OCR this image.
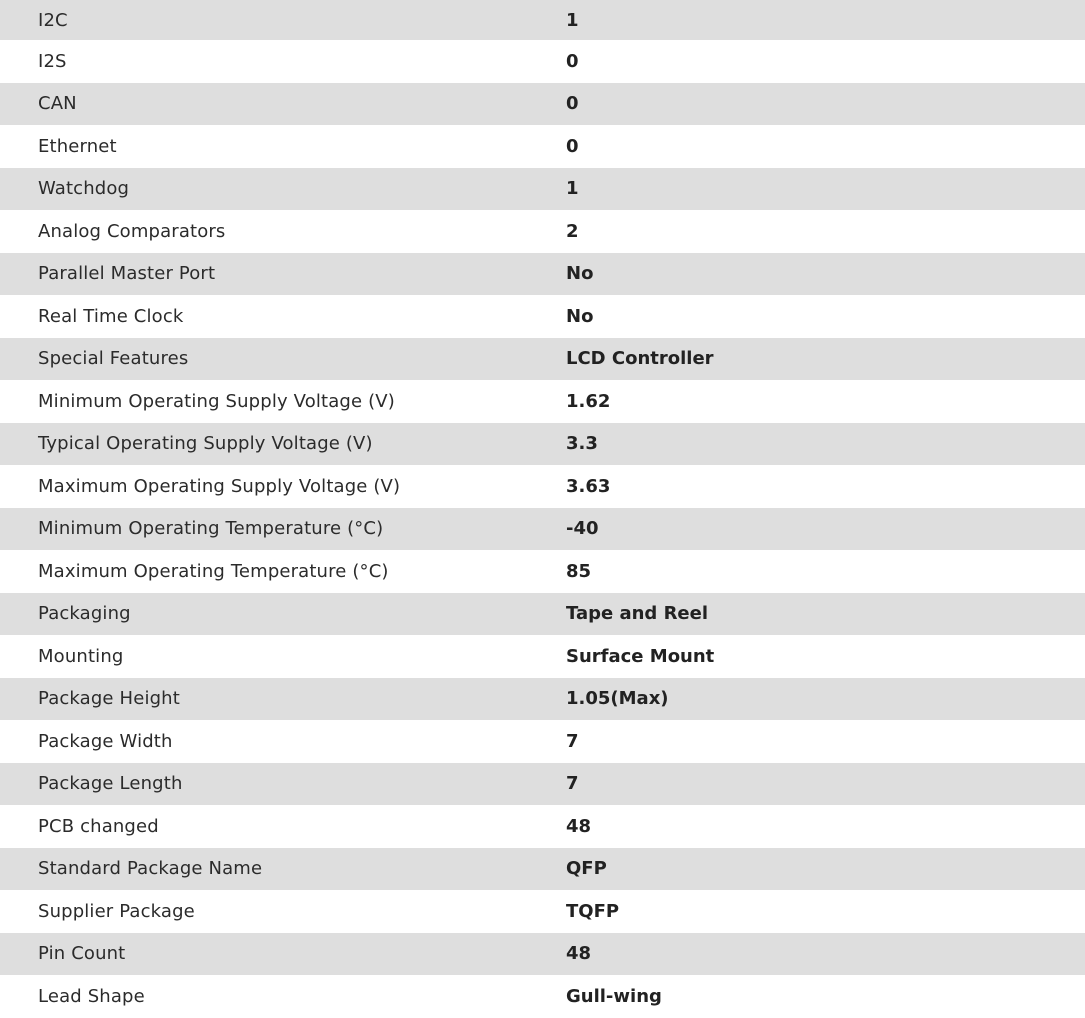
I2C	1
I2S	0
CAN	0
Ethernet	0
Watchdog	1
Analog Comparators	2
Parallel Master Port	No
Real Time Clock	No
Special Features	LCD Controller
Minimum Operating Supply Voltage (V)	1.62
Typical Operating Supply Voltage (V)	3.3
Maximum Operating Supply Voltage (V)	3.63
Minimum Operating Temperature (°C)	-40
Maximum Operating Temperature (°C)	85
Packaging	Tape and Reel
Mounting	Surface Mount
Package Height	1.05(Max)
Package Width	7
Package Length	7
PCB changed	48
Standard Package Name	QFP
Supplier Package	TQFP
Pin Count	48
Lead Shape	Gull-wing
